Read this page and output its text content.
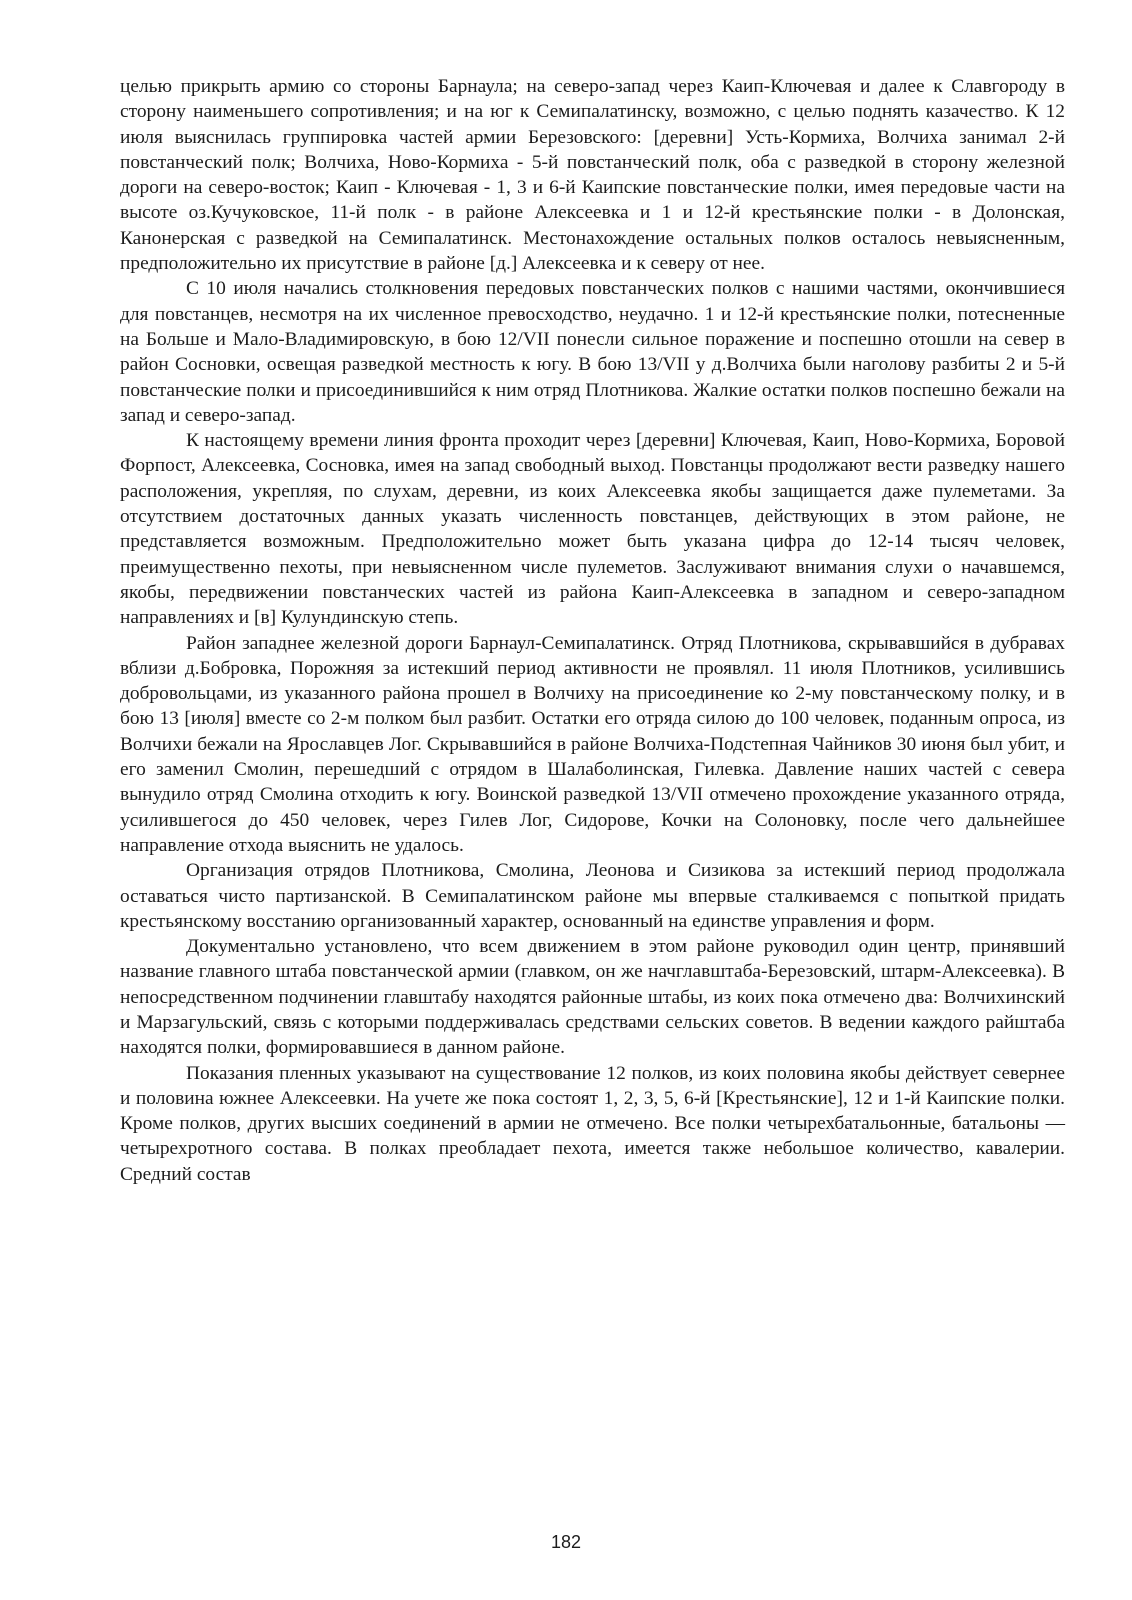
целью прикрыть армию со стороны Барнаула; на северо-запад через Каип-Ключевая и далее к Славгороду в сторону наименьшего сопротивления; и на юг к Семипалатинску, возможно, с целью поднять казачество. К 12 июля выяснилась группировка частей армии Березовского: [деревни] Усть-Кормиха, Волчиха занимал 2-й повстанческий полк; Волчиха, Ново-Кормиха - 5-й повстанческий полк, оба с разведкой в сторону железной дороги на северо-восток; Каип - Ключевая - 1, 3 и 6-й Каипские повстанческие полки, имея передовые части на высоте оз.Кучуковское, 11-й полк - в районе Алексеевка и 1 и 12-й крестьянские полки - в Долонская, Канонерская с разведкой на Семипалатинск. Местонахождение остальных полков осталось невыясненным, предположительно их присутствие в районе [д.] Алексеевка и к северу от нее.

С 10 июля начались столкновения передовых повстанческих полков с нашими частями, окончившиеся для повстанцев, несмотря на их численное превосходство, неудачно. 1 и 12-й крестьянские полки, потесненные на Больше и Мало-Владимировскую, в бою 12/VII понесли сильное поражение и поспешно отошли на север в район Сосновки, освещая разведкой местность к югу. В бою 13/VII у д.Волчиха были наголову разбиты 2 и 5-й повстанческие полки и присоединившийся к ним отряд Плотникова. Жалкие остатки полков поспешно бежали на запад и северо-запад.

К настоящему времени линия фронта проходит через [деревни] Ключевая, Каип, Ново-Кормиха, Боровой Форпост, Алексеевка, Сосновка, имея на запад свободный выход. Повстанцы продолжают вести разведку нашего расположения, укрепляя, по слухам, деревни, из коих Алексеевка якобы защищается даже пулеметами. За отсутствием достаточных данных указать численность повстанцев, действующих в этом районе, не представляется возможным. Предположительно может быть указана цифра до 12-14 тысяч человек, преимущественно пехоты, при невыясненном числе пулеметов. Заслуживают внимания слухи о начавшемся, якобы, передвижении повстанческих частей из района Каип-Алексеевка в западном и северо-западном направлениях и [в] Кулундинскую степь.

Район западнее железной дороги Барнаул-Семипалатинск. Отряд Плотникова, скрывавшийся в дубравах вблизи д.Бобровка, Порожняя за истекший период активности не проявлял. 11 июля Плотников, усилившись добровольцами, из указанного района прошел в Волчиху на присоединение ко 2-му повстанческому полку, и в бою 13 [июля] вместе со 2-м полком был разбит. Остатки его отряда силою до 100 человек, поданным опроса, из Волчихи бежали на Ярославцев Лог. Скрывавшийся в районе Волчиха-Подстепная Чайников 30 июня был убит, и его заменил Смолин, перешедший с отрядом в Шалаболинская, Гилевка. Давление наших частей с севера вынудило отряд Смолина отходить к югу. Воинской разведкой 13/VII отмечено прохождение указанного отряда, усилившегося до 450 человек, через Гилев Лог, Сидорове, Кочки на Солоновку, после чего дальнейшее направление отхода выяснить не удалось.

Организация отрядов Плотникова, Смолина, Леонова и Сизикова за истекший период продолжала оставаться чисто партизанской. В Семипалатинском районе мы впервые сталкиваемся с попыткой придать крестьянскому восстанию организованный характер, основанный на единстве управления и форм.

Документально установлено, что всем движением в этом районе руководил один центр, принявший название главного штаба повстанческой армии (главком, он же начглавштаба-Березовский, штарм-Алексеевка). В непосредственном подчинении главштабу находятся районные штабы, из коих пока отмечено два: Волчихинский и Марзагульский, связь с которыми поддерживалась средствами сельских советов. В ведении каждого райштаба находятся полки, формировавшиеся в данном районе.

Показания пленных указывают на существование 12 полков, из коих половина якобы действует севернее и половина южнее Алексеевки. На учете же пока состоят 1, 2, 3, 5, 6-й [Крестьянские], 12 и 1-й Каипские полки. Кроме полков, других высших соединений в армии не отмечено. Все полки четырехбатальонные, батальоны — четырехротного состава. В полках преобладает пехота, имеется также небольшое количество, кавалерии. Средний состав

182
